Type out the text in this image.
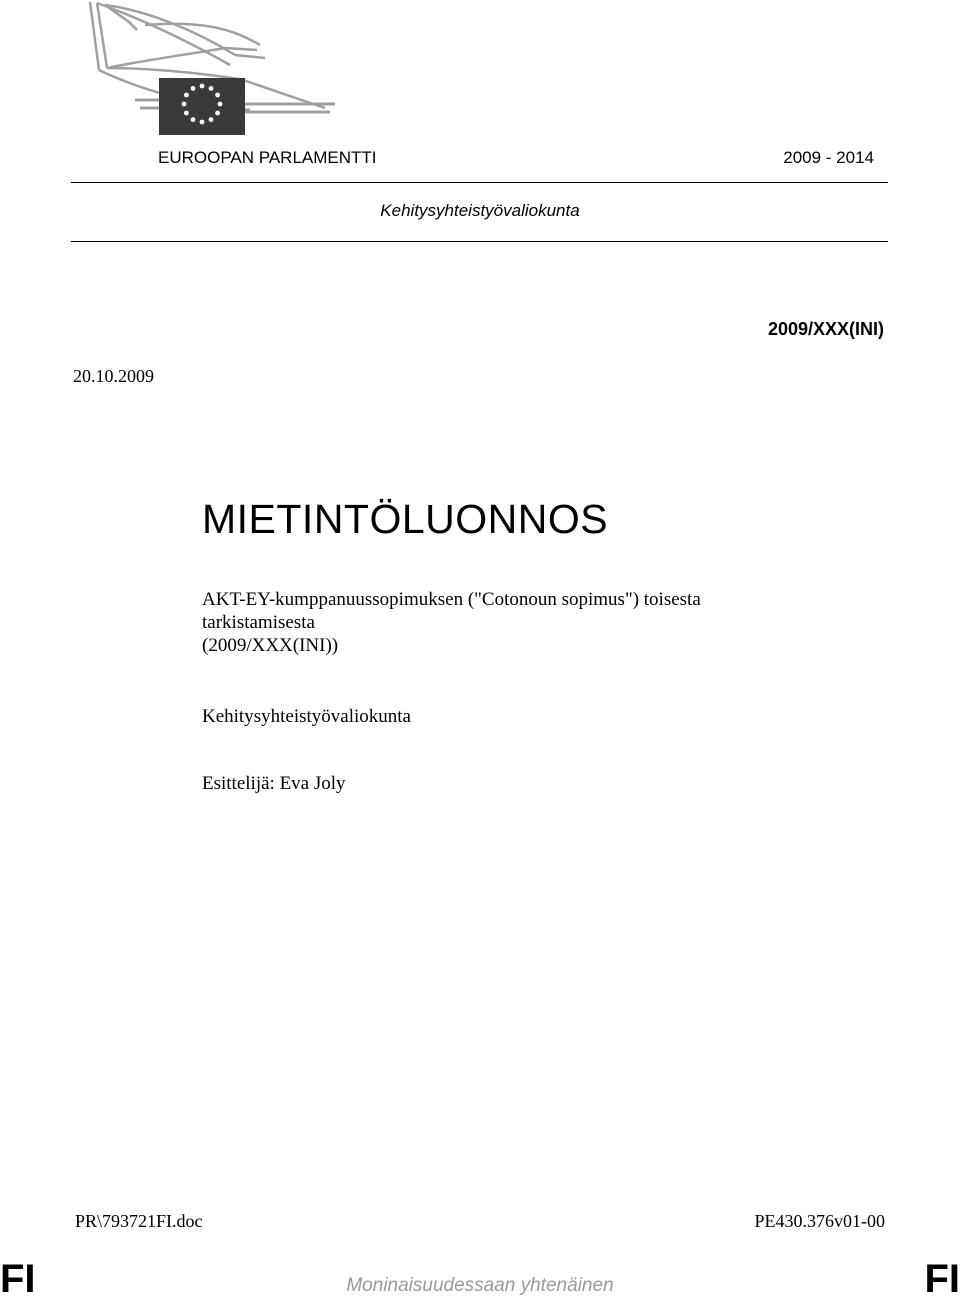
EUROOPAN PARLAMENTTI	2009 - 2014
Kehitysyhteistyövaliokunta
2009/XXX(INI)
20.10.2009
MIETINTÖLUONNOS
AKT-EY-kumppanuussopimuksen ("Cotonoun sopimus") toisesta
tarkistamisesta
(2009/XXX(INI))
Kehitysyhteistyövaliokunta
Esittelijä: Eva Joly
PR\793721FI.doc	PE430.376v01-00
FI	Moninaisuudessaan yhtenäinen	FI
